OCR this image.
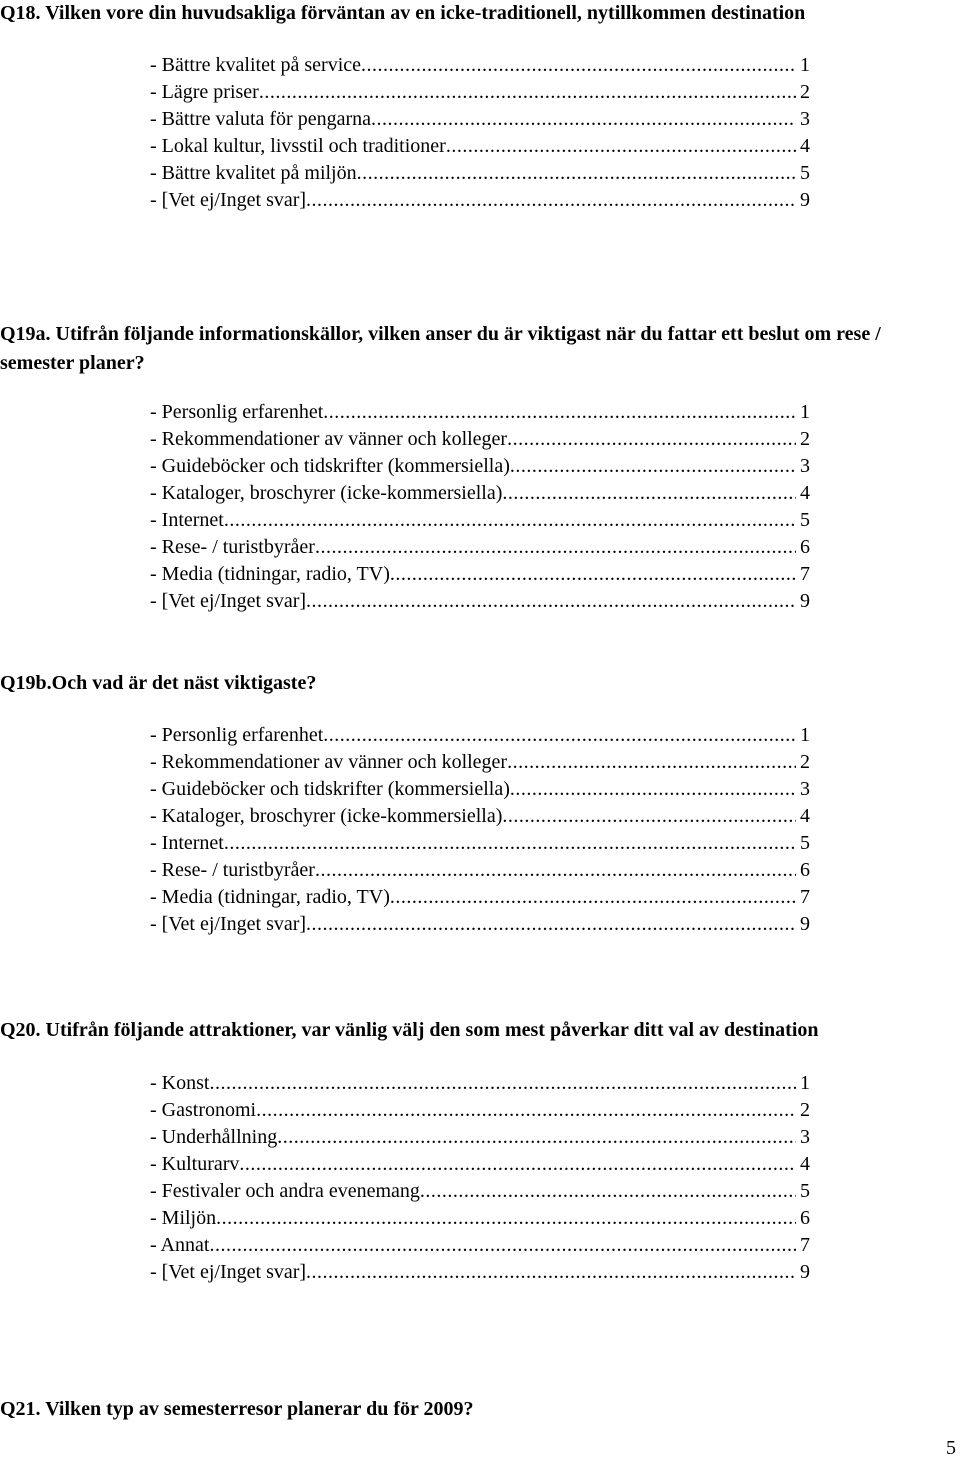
Q18. Vilken vore din huvudsakliga förväntan av en icke-traditionell, nytillkommen destination
- Bättre kvalitet på service .....	1
- Lägre priser .....	2
- Bättre valuta för pengarna .....	3
- Lokal kultur, livsstil och traditioner .....	4
- Bättre kvalitet på miljön .....	5
- [Vet ej/Inget svar] .....	9
Q19a. Utifrån följande informationskällor, vilken anser du är viktigast när du fattar ett beslut om rese / semester planer?
- Personlig erfarenhet .....	1
- Rekommendationer av vänner och kolleger .....	2
- Guideböcker och tidskrifter (kommersiella) .....	3
- Kataloger, broschyrer (icke-kommersiella) .....	4
- Internet .....	5
- Rese- / turistbyråer .....	6
- Media (tidningar, radio, TV) .....	7
- [Vet ej/Inget svar] .....	9
Q19b.Och vad är det näst viktigaste?
- Personlig erfarenhet .....	1
- Rekommendationer av vänner och kolleger .....	2
- Guideböcker och tidskrifter (kommersiella) .....	3
- Kataloger, broschyrer (icke-kommersiella) .....	4
- Internet .....	5
- Rese- / turistbyråer .....	6
- Media (tidningar, radio, TV) .....	7
- [Vet ej/Inget svar] .....	9
Q20. Utifrån följande attraktioner, var vänlig välj den som mest påverkar ditt val av destination
- Konst .....	1
- Gastronomi .....	2
- Underhållning .....	3
- Kulturarv .....	4
- Festivaler och andra evenemang .....	5
- Miljön .....	6
- Annat .....	7
- [Vet ej/Inget svar] .....	9
Q21. Vilken typ av semesterresor planerar du för 2009?
5
